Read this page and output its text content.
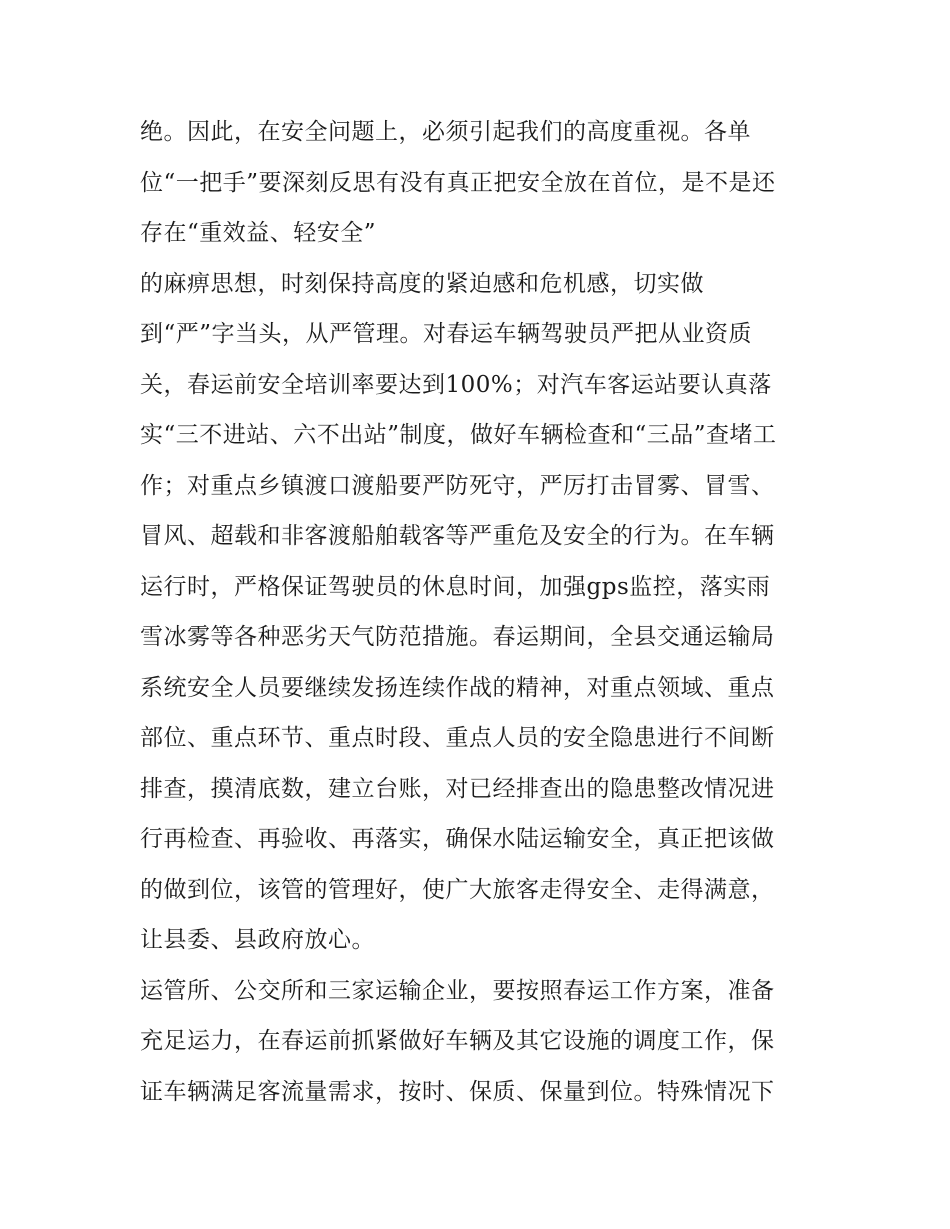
绝。因此，在安全问题上，必须引起我们的高度重视。各单
位“一把手”要深刻反思有没有真正把安全放在首位，是不是还
存在“重效益、轻安全”
的麻痹思想，时刻保持高度的紧迫感和危机感，切实做
到“严”字当头，从严管理。对春运车辆驾驶员严把从业资质
关，春运前安全培训率要达到100%；对汽车客运站要认真落
实“三不进站、六不出站”制度，做好车辆检查和“三品”查堵工
作；对重点乡镇渡口渡船要严防死守，严厉打击冒雾、冒雪、
冒风、超载和非客渡船舶载客等严重危及安全的行为。在车辆
运行时，严格保证驾驶员的休息时间，加强gps监控，落实雨
雪冰雾等各种恶劣天气防范措施。春运期间，全县交通运输局
系统安全人员要继续发扬连续作战的精神，对重点领域、重点
部位、重点环节、重点时段、重点人员的安全隐患进行不间断
排查，摸清底数，建立台账，对已经排查出的隐患整改情况进
行再检查、再验收、再落实，确保水陆运输安全，真正把该做
的做到位，该管的管理好，使广大旅客走得安全、走得满意，
让县委、县政府放心。
运管所、公交所和三家运输企业，要按照春运工作方案，准备
充足运力，在春运前抓紧做好车辆及其它设施的调度工作，保
证车辆满足客流量需求，按时、保质、保量到位。特殊情况下
